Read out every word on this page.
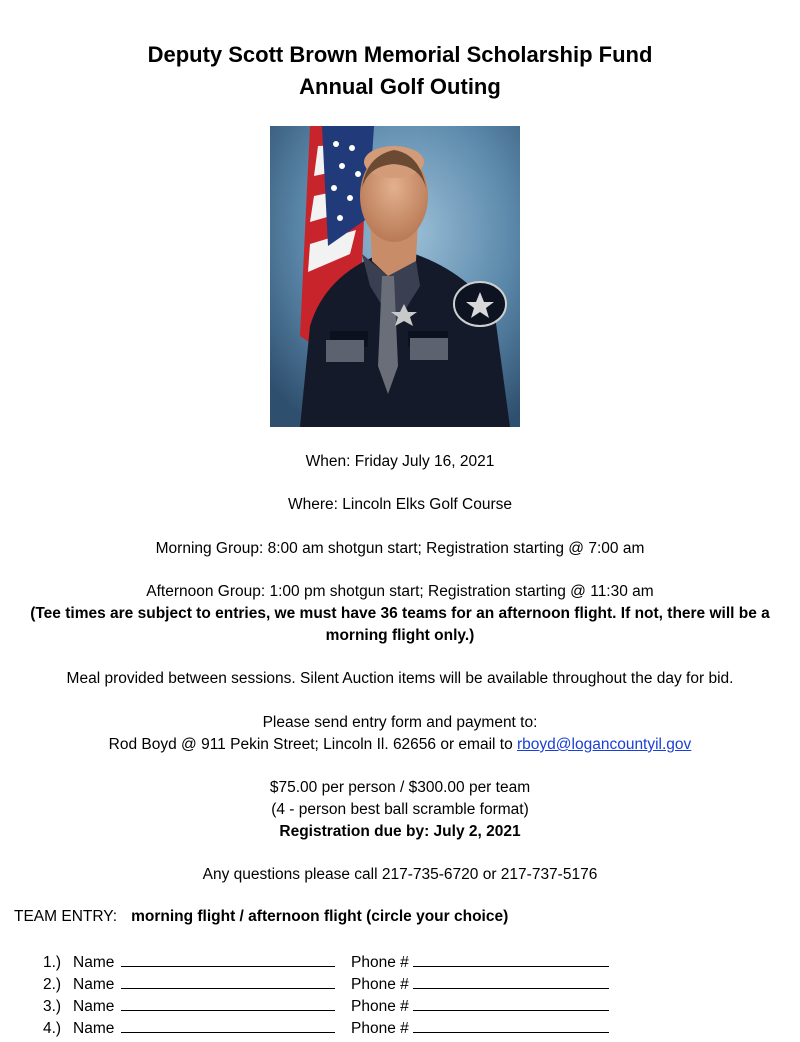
Deputy Scott Brown Memorial Scholarship Fund
Annual Golf Outing
When: Friday July 16, 2021
Where: Lincoln Elks Golf Course
Morning Group: 8:00 am shotgun start; Registration starting @ 7:00 am
Afternoon Group: 1:00 pm shotgun start; Registration starting @ 11:30 am
(Tee times are subject to entries, we must have 36 teams for an afternoon flight. If not, there will be a
morning flight only.)
Meal provided between sessions. Silent Auction items will be available throughout the day for bid.
Please send entry form and payment to:
Rod Boyd @ 911 Pekin Street; Lincoln Il. 62656 or email to rboyd@logancountyil.gov
$75.00 per person / $300.00 per team
(4 - person best ball scramble format)
Registration due by: July 2, 2021
Any questions please call 217-735-6720 or 217-737-5176
TEAM ENTRY: morning flight / afternoon flight (circle your choice)
1.) Name	Phone #
2.) Name	Phone #
3.) Name	Phone #
4.) Name	Phone #
